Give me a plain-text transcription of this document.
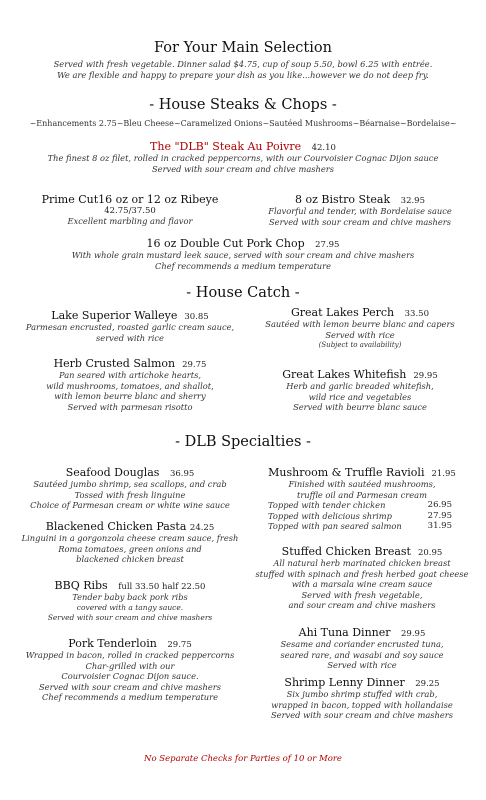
For Your Main Selection
Served with fresh vegetable. Dinner salad $4.75, cup of soup 5.50, bowl 6.25 with entrée.
We are flexible and happy to prepare your dish as you like...however we do not deep fry.
- House Steaks & Chops -
~Enhancements 2.75~Bleu Cheese~Caramelized Onions~Sautéed Mushrooms~Béarnaise~Bordelaise~
The "DLB" Steak Au Poivre 42.10
The finest 8 oz filet, rolled in cracked peppercorns, with our Courvoisier Cognac Dijon sauce
Served with sour cream and chive mashers
Prime Cut16 oz or 12 oz Ribeye
42.75/37.50
Excellent marbling and flavor
8 oz Bistro Steak 32.95
Flavorful and tender, with Bordelaise sauce
Served with sour cream and chive mashers
16 oz Double Cut Pork Chop 27.95
With whole grain mustard leek sauce, served with sour cream and chive mashers
Chef recommends a medium temperature
- House Catch -
Lake Superior Walleye 30.85
Parmesan encrusted, roasted garlic cream sauce,
served with rice
Great Lakes Perch 33.50
Sautéed with lemon beurre blanc and capers
Served with rice
(Subject to availability)
Herb Crusted Salmon 29.75
Pan seared with artichoke hearts,
wild mushrooms, tomatoes, and shallot,
with lemon beurre blanc and sherry
Served with parmesan risotto
Great Lakes Whitefish 29.95
Herb and garlic breaded whitefish,
wild rice and vegetables
Served with beurre blanc sauce
- DLB Specialties -
Seafood Douglas 36.95
Sautéed jumbo shrimp, sea scallops, and crab
Tossed with fresh linguine
Choice of Parmesan cream or white wine sauce
Blackened Chicken Pasta 24.25
Linguini in a gorgonzola cheese cream sauce, fresh
Roma tomatoes, green onions and
blackened chicken breast
BBQ Ribs full 33.50 half 22.50
Tender baby back pork ribs
covered with a tangy sauce.
Served with sour cream and chive mashers
Pork Tenderloin 29.75
Wrapped in bacon, rolled in cracked peppercorns
Char-grilled with our
Courvoisier Cognac Dijon sauce.
Served with sour cream and chive mashers
Chef recommends a medium temperature
Mushroom & Truffle Ravioli 21.95
Finished with sautéed mushrooms,
truffle oil and Parmesan cream
Topped with tender chicken	26.95
Topped with delicious shrimp	27.95
Topped with pan seared salmon	31.95
Stuffed Chicken Breast 20.95
All natural herb marinated chicken breast
stuffed with spinach and fresh herbed goat cheese
with a marsala wine cream sauce
Served with fresh vegetable,
and sour cream and chive mashers
Ahi Tuna Dinner 29.95
Sesame and coriander encrusted tuna,
seared rare, and wasabi and soy sauce
Served with rice
Shrimp Lenny Dinner 29.25
Six jumbo shrimp stuffed with crab,
wrapped in bacon, topped with hollandaise
Served with sour cream and chive mashers
No Separate Checks for Parties of 10 or More
